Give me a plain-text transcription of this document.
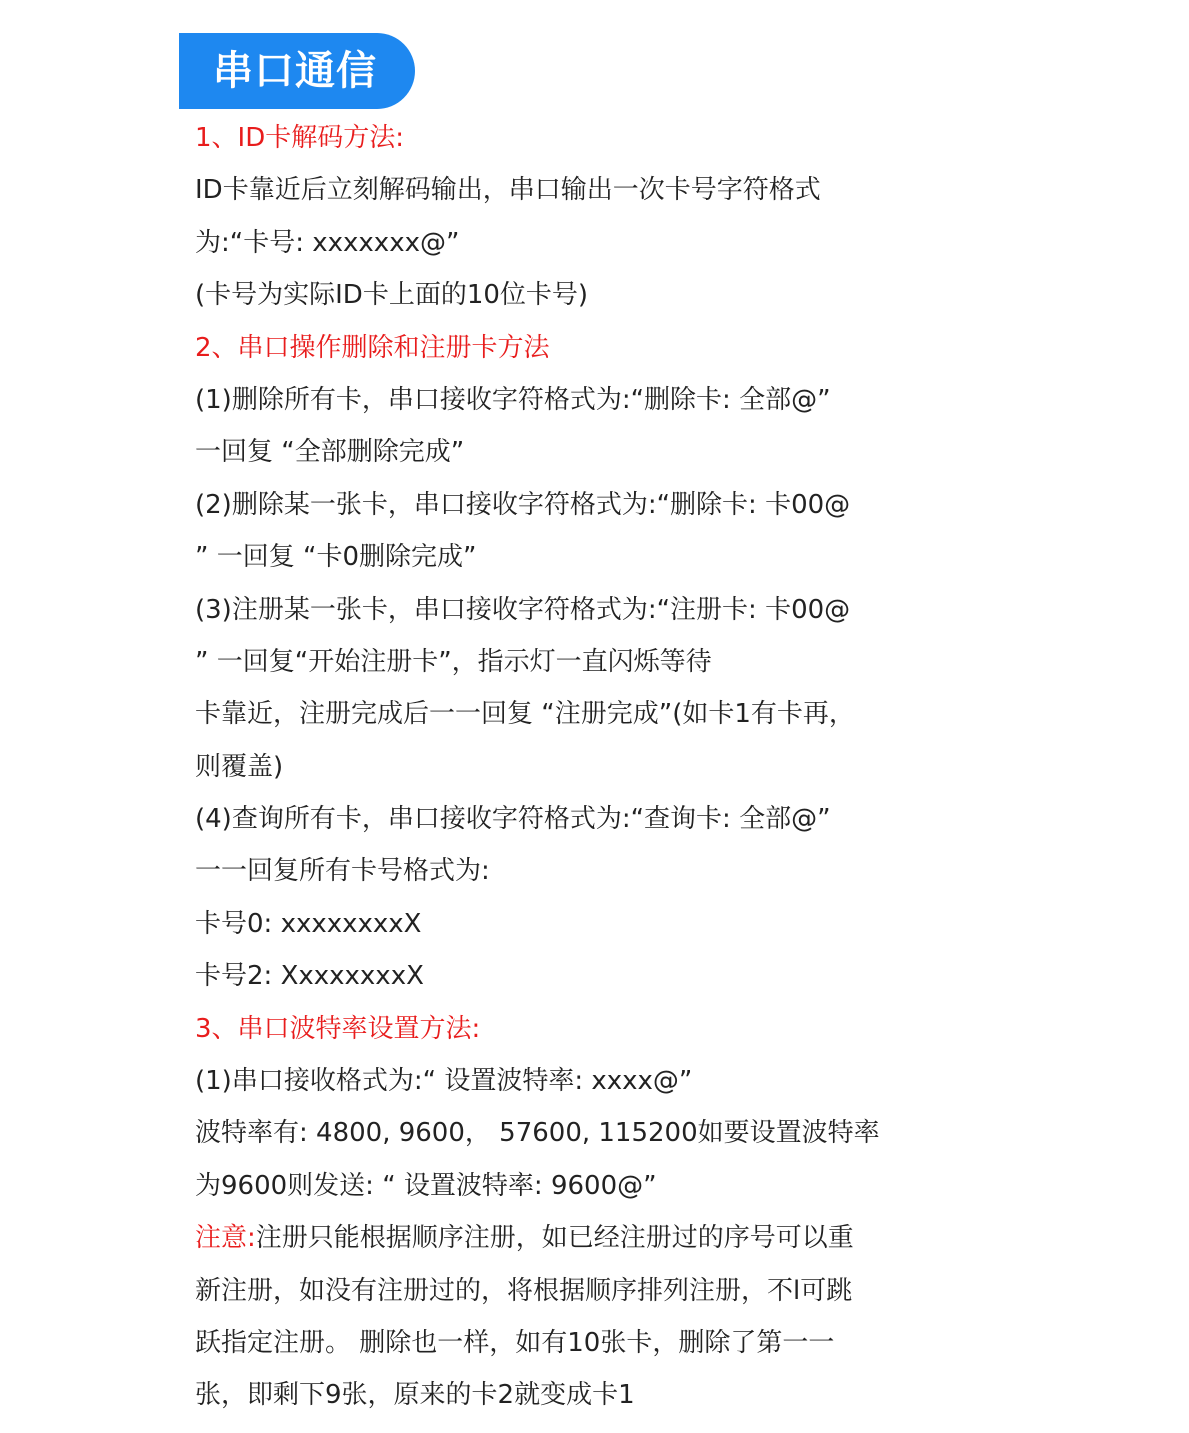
串口通信
1、ID卡解码方法:
ID卡靠近后立刻解码输出，串口输出一次卡号字符格式
为:“卡号: xxxxxxx@”
(卡号为实际ID卡上面的10位卡号)
2、串口操作删除和注册卡方法
(1)删除所有卡，串口接收字符格式为:“删除卡: 全部@”
一回复 “全部删除完成”
(2)删除某一张卡，串口接收字符格式为:“删除卡: 卡00@
” 一回复 “卡0删除完成”
(3)注册某一张卡，串口接收字符格式为:“注册卡: 卡00@
” 一回复“开始注册卡”，指示灯一直闪烁等待
卡靠近，注册完成后一一回复 “注册完成”(如卡1有卡再，
则覆盖)
(4)查询所有卡，串口接收字符格式为:“查询卡: 全部@”
一一回复所有卡号格式为:
卡号0: xxxxxxxxX
卡号2: XxxxxxxxX
3、串口波特率设置方法:
(1)串口接收格式为:“ 设置波特率: xxxx@”
波特率有: 4800, 9600， 57600, 115200如要设置波特率
为9600则发送: “ 设置波特率: 9600@”
注意:注册只能根据顺序注册，如已经注册过的序号可以重
新注册，如没有注册过的，将根据顺序排列注册，不l可跳
跃指定注册。 删除也一样，如有10张卡，删除了第一一
张，即剩下9张，原来的卡2就变成卡1
